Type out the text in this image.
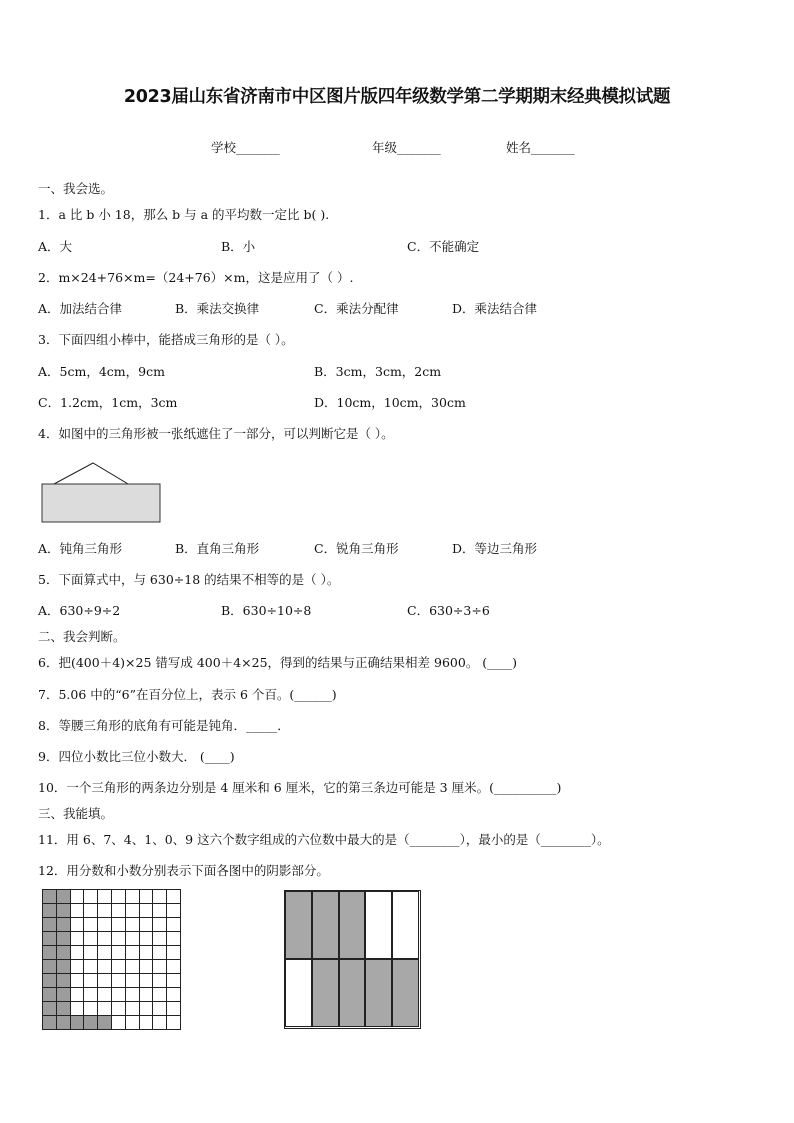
2023届山东省济南市中区图片版四年级数学第二学期期末经典模拟试题
学校_______	年级_______	姓名_______
一、我会选。
1．a 比 b 小 18，那么 b 与 a 的平均数一定比 b( ).
A．大	B．小	C．不能确定
2．m×24+76×m=（24+76）×m，这是应用了（ ）.
A．加法结合律	B．乘法交换律	C．乘法分配律	D．乘法结合律
3．下面四组小棒中，能搭成三角形的是（ ）。
A．5cm，4cm，9cm	B．3cm，3cm，2cm
C．1.2cm，1cm，3cm	D．10cm，10cm，30cm
4．如图中的三角形被一张纸遮住了一部分，可以判断它是（ ）。
A．钝角三角形	B．直角三角形	C．锐角三角形	D．等边三角形
5．下面算式中，与 630÷18 的结果不相等的是（ ）。
A．630÷9÷2	B．630÷10÷8	C．630÷3÷6
二、我会判断。
6．把(400＋4)×25 错写成 400＋4×25，得到的结果与正确结果相差 9600。 (____)
7．5.06 中的“6”在百分位上，表示 6 个百。(______)
8．等腰三角形的底角有可能是钝角．_____．
9．四位小数比三位小数大． (____)
10．一个三角形的两条边分别是 4 厘米和 6 厘米，它的第三条边可能是 3 厘米。(__________)
三、我能填。
11．用 6、7、4、1、0、9 这六个数字组成的六位数中最大的是（________），最小的是（________）。
12．用分数和小数分别表示下面各图中的阴影部分。
